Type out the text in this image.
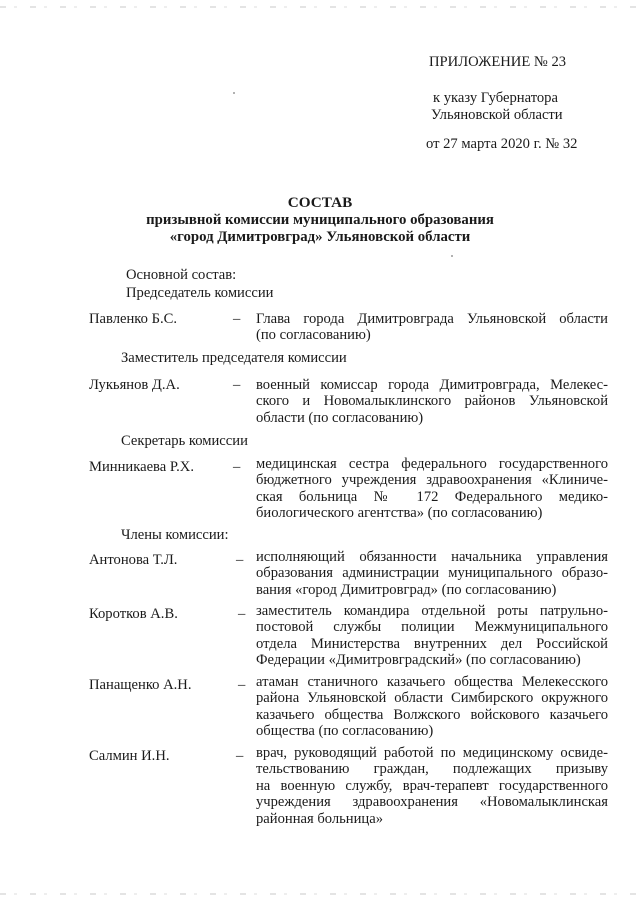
ПРИЛОЖЕНИЕ № 23
к указу Губернатора
Ульяновской области
от 27 марта 2020 г. № 32
СОСТАВ
призывной комиссии муниципального образования
«город Димитровград» Ульяновской области
Основной состав:
Председатель комиссии
Павленко Б.С.	– Глава города Димитровграда Ульяновской области
(по согласованию)
Заместитель председателя комиссии
Лукьянов Д.А.	– военный комиссар города Димитровграда, Мелекес-
ского и Новомалыклинского районов Ульяновской
области (по согласованию)
Секретарь комиссии
Минникаева Р.Х.	– медицинская сестра федерального государственного
бюджетного учреждения здравоохранения «Клиниче-
ская больница № 172 Федерального медико-
биологического агентства» (по согласованию)
Члены комиссии:
Антонова Т.Л.	– исполняющий обязанности начальника управления
образования администрации муниципального образо-
вания «город Димитровград» (по согласованию)
Коротков А.В.	– заместитель командира отдельной роты патрульно-
постовой службы полиции Межмуниципального
отдела Министерства внутренних дел Российской
Федерации «Димитровградский» (по согласованию)
Панащенко А.Н.	– атаман станичного казачьего общества Мелекесского
района Ульяновской области Симбирского окружного
казачьего общества Волжского войскового казачьего
общества (по согласованию)
Салмин И.Н.	– врач, руководящий работой по медицинскому освиде-
тельствованию граждан, подлежащих призыву
на военную службу, врач-терапевт государственного
учреждения здравоохранения «Новомалыклинская
районная больница»
